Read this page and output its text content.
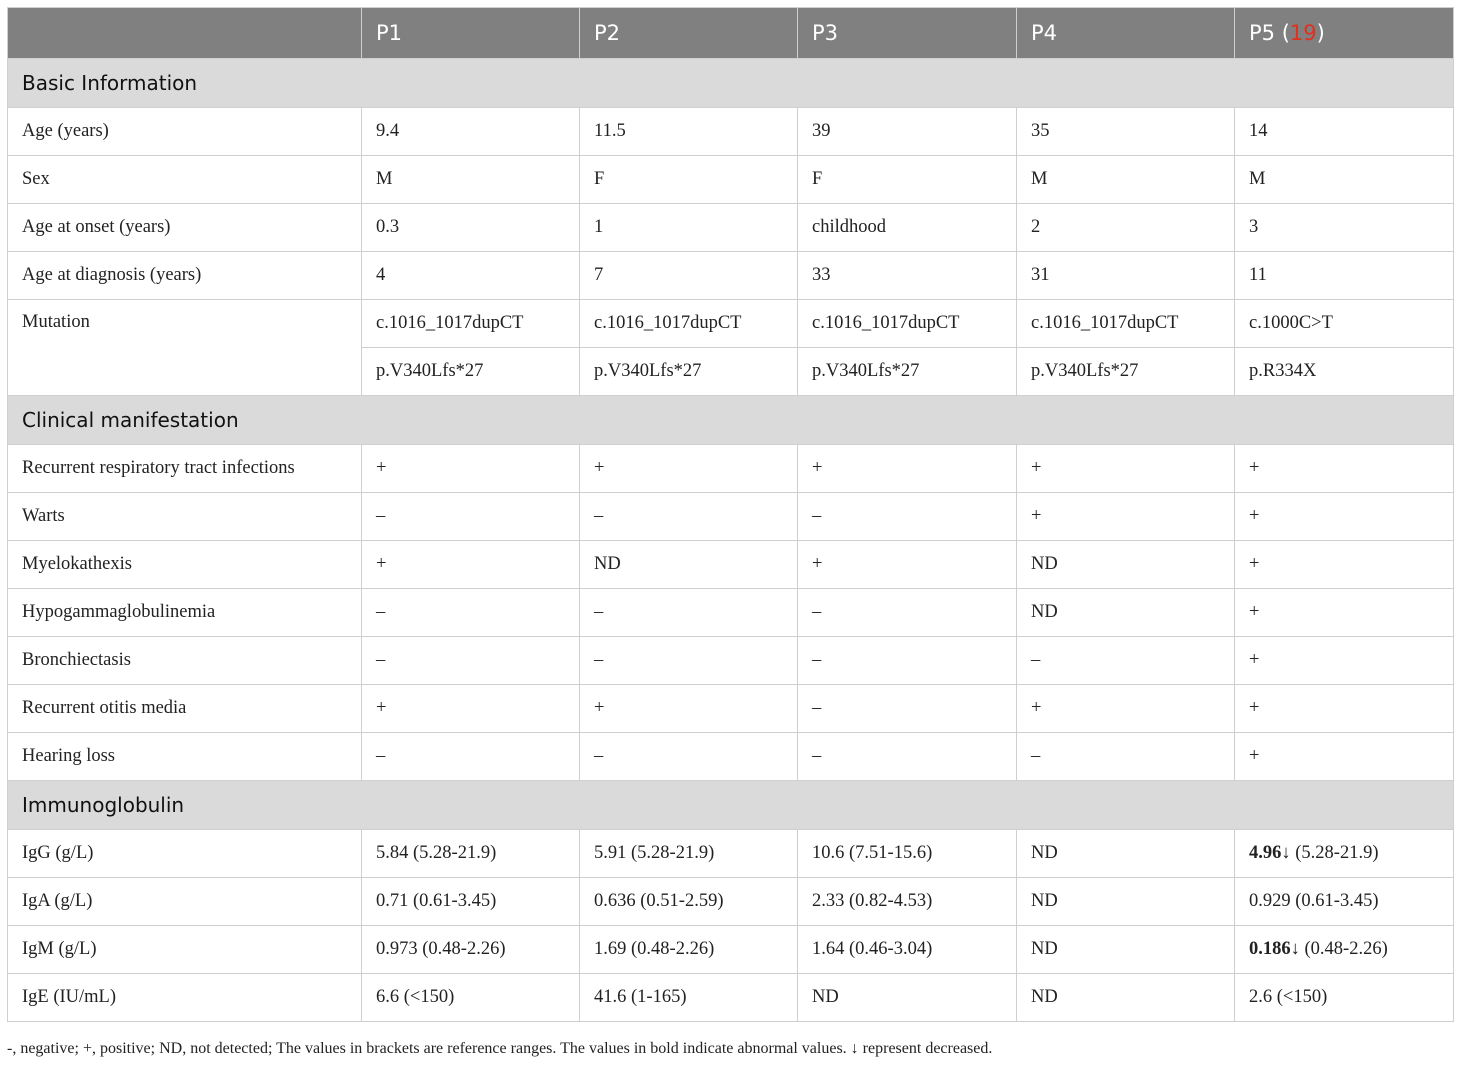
	P1	P2	P3	P4	P5 (19)
Basic Information					
Age (years)	9.4	11.5	39	35	14
Sex	M	F	F	M	M
Age at onset (years)	0.3	1	childhood	2	3
Age at diagnosis (years)	4	7	33	31	11
Mutation	c.1016_1017dupCT	c.1016_1017dupCT	c.1016_1017dupCT	c.1016_1017dupCT	c.1000C>T
	p.V340Lfs*27	p.V340Lfs*27	p.V340Lfs*27	p.V340Lfs*27	p.R334X
Clinical manifestation					
Recurrent respiratory tract infections	+	+	+	+	+
Warts	–	–	–	+	+
Myelokathexis	+	ND	+	ND	+
Hypogammaglobulinemia	–	–	–	ND	+
Bronchiectasis	–	–	–	–	+
Recurrent otitis media	+	+	–	+	+
Hearing loss	–	–	–	–	+
Immunoglobulin					
IgG (g/L)	5.84 (5.28-21.9)	5.91 (5.28-21.9)	10.6 (7.51-15.6)	ND	4.96↓ (5.28-21.9)
IgA (g/L)	0.71 (0.61-3.45)	0.636 (0.51-2.59)	2.33 (0.82-4.53)	ND	0.929 (0.61-3.45)
IgM (g/L)	0.973 (0.48-2.26)	1.69 (0.48-2.26)	1.64 (0.46-3.04)	ND	0.186↓ (0.48-2.26)
IgE (IU/mL)	6.6 (<150)	41.6 (1-165)	ND	ND	2.6 (<150)
-, negative; +, positive; ND, not detected; The values in brackets are reference ranges. The values in bold indicate abnormal values. ↓ represent decreased.
